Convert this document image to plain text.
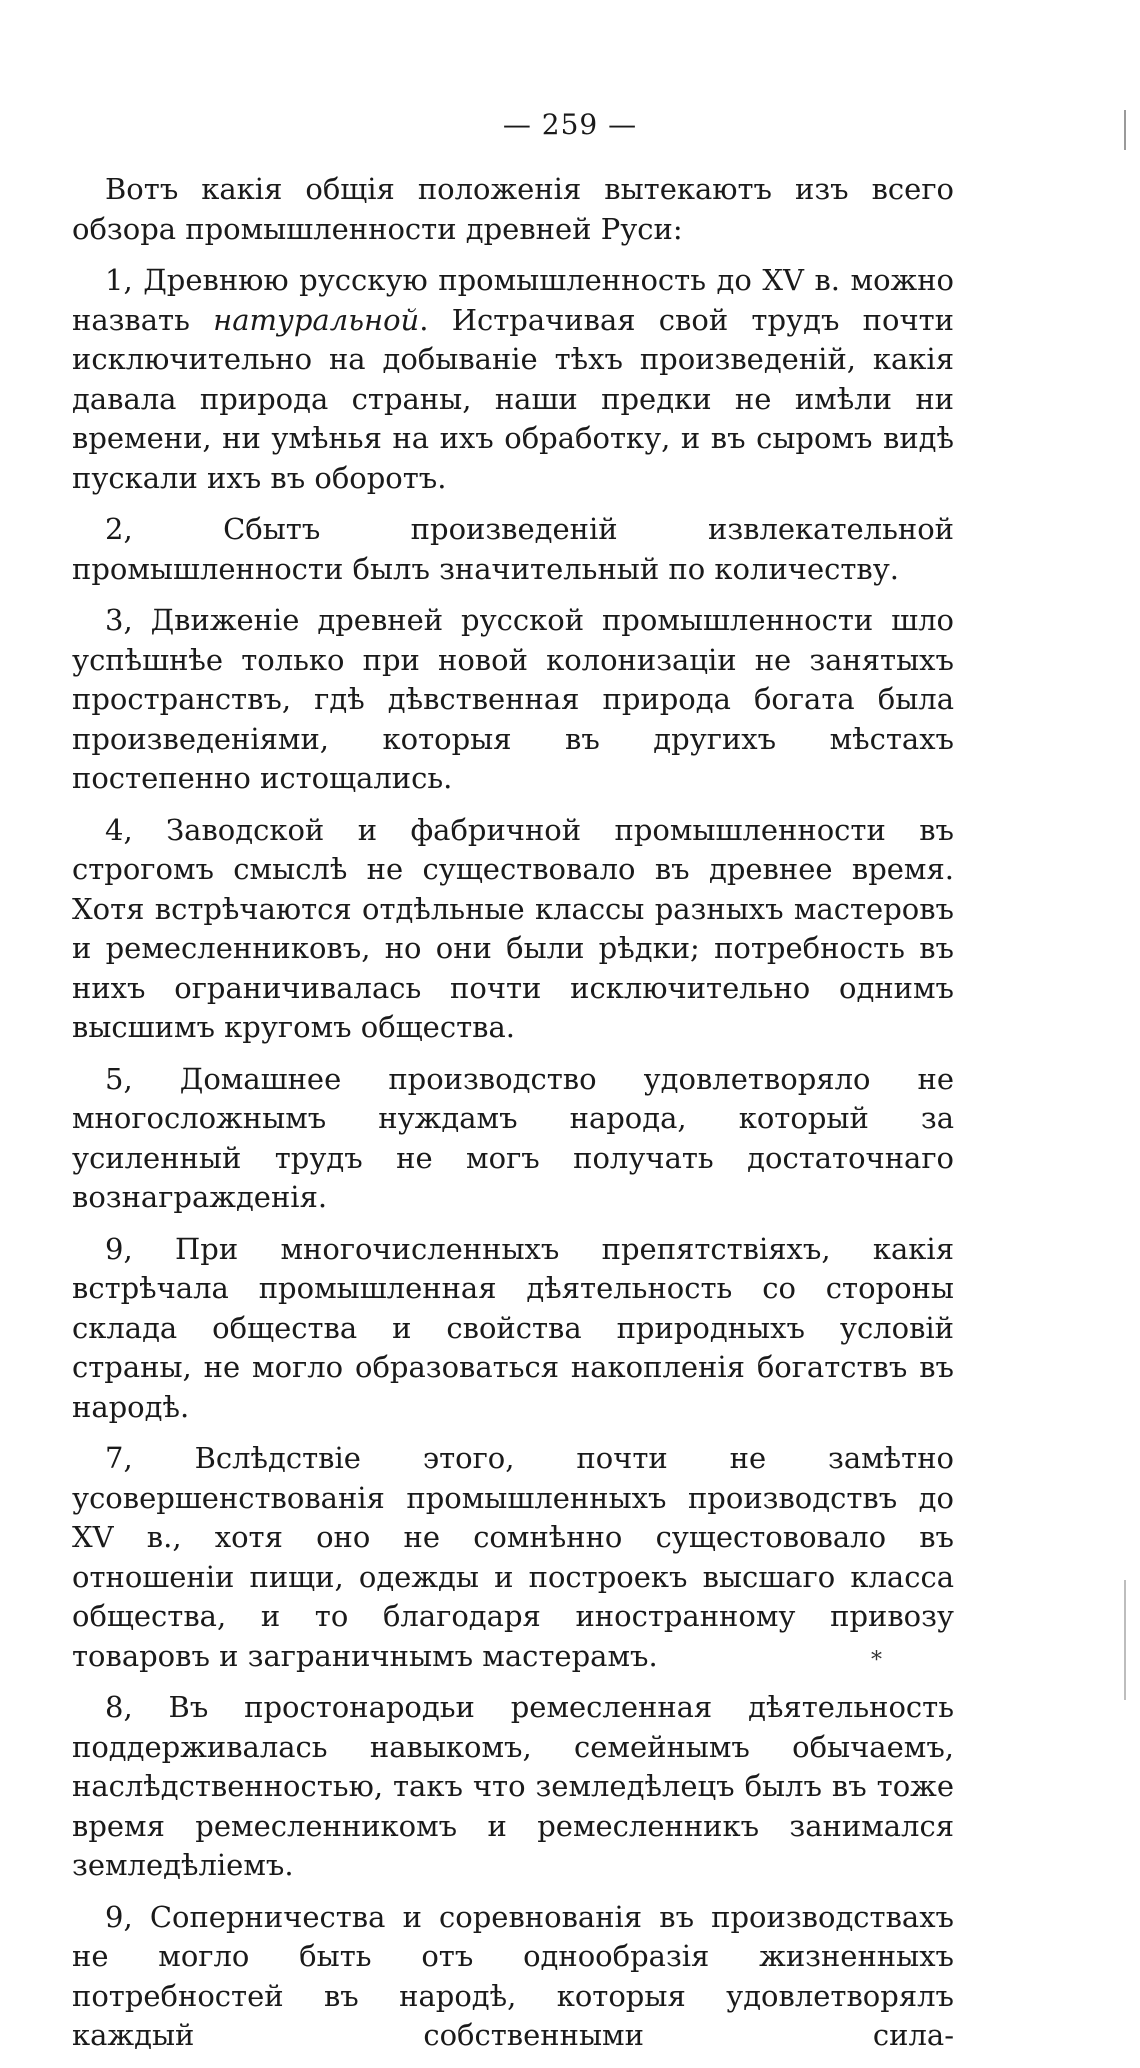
— 259 —

Вотъ какія общія положенія вытекаютъ изъ всего обзора промышленности древней Руси:

1, Древнюю русскую промышленность до XV в. можно назвать натуральной. Истрачивая свой трудъ почти исключительно на добываніе тѣхъ произведеній, какія давала природа страны, наши предки не имѣли ни времени, ни умѣнья на ихъ обработку, и въ сыромъ видѣ пускали ихъ въ оборотъ.

2,	Сбытъ произведеній извлекательной промышленности былъ значительный по количеству.

3, Движеніе древней русской промышленности шло успѣшнѣе только при новой колонизаціи не занятыхъ пространствъ, гдѣ дѣвственная природа богата была произведеніями, которыя въ другихъ мѣстахъ постепенно истощались.

4, Заводской и фабричной промышленности въ строгомъ смыслѣ не существовало въ древнее время. Хотя встрѣчаются отдѣльные классы разныхъ мастеровъ и ремесленниковъ, но они были рѣдки; потребность въ нихъ ограничивалась почти исключительно однимъ высшимъ кругомъ общества.

5, Домашнее производство удовлетворяло не многосложнымъ нуждамъ народа, который за усиленный трудъ не могъ получать достаточнаго вознагражденія.

9, При многочисленныхъ препятствіяхъ, какія встрѣчала промышленная дѣятельность со стороны склада общества и свойства природныхъ условій страны, не могло образоваться накопленія богатствъ въ народѣ.

7, Вслѣдствіе этого, почти не замѣтно усовершенствованія промышленныхъ производствъ до XV в., хотя оно не сомнѣнно сущестововало въ отношеніи пищи, одежды и построекъ высшаго класса общества, и то благодаря иностранному привозу товаровъ и заграничнымъ мастерамъ.

8, Въ простонародьи ремесленная дѣятельность поддерживалась навыкомъ, семейнымъ обычаемъ, наслѣдственностью, такъ что земледѣлецъ былъ въ тоже время ремесленникомъ и ремесленникъ занимался земледѣліемъ.

9, Соперничества и соревнованія въ производствахъ не могло быть отъ однообразія жизненныхъ потребностей въ народѣ, которыя удовлетворялъ каждый собственными сила-

*
